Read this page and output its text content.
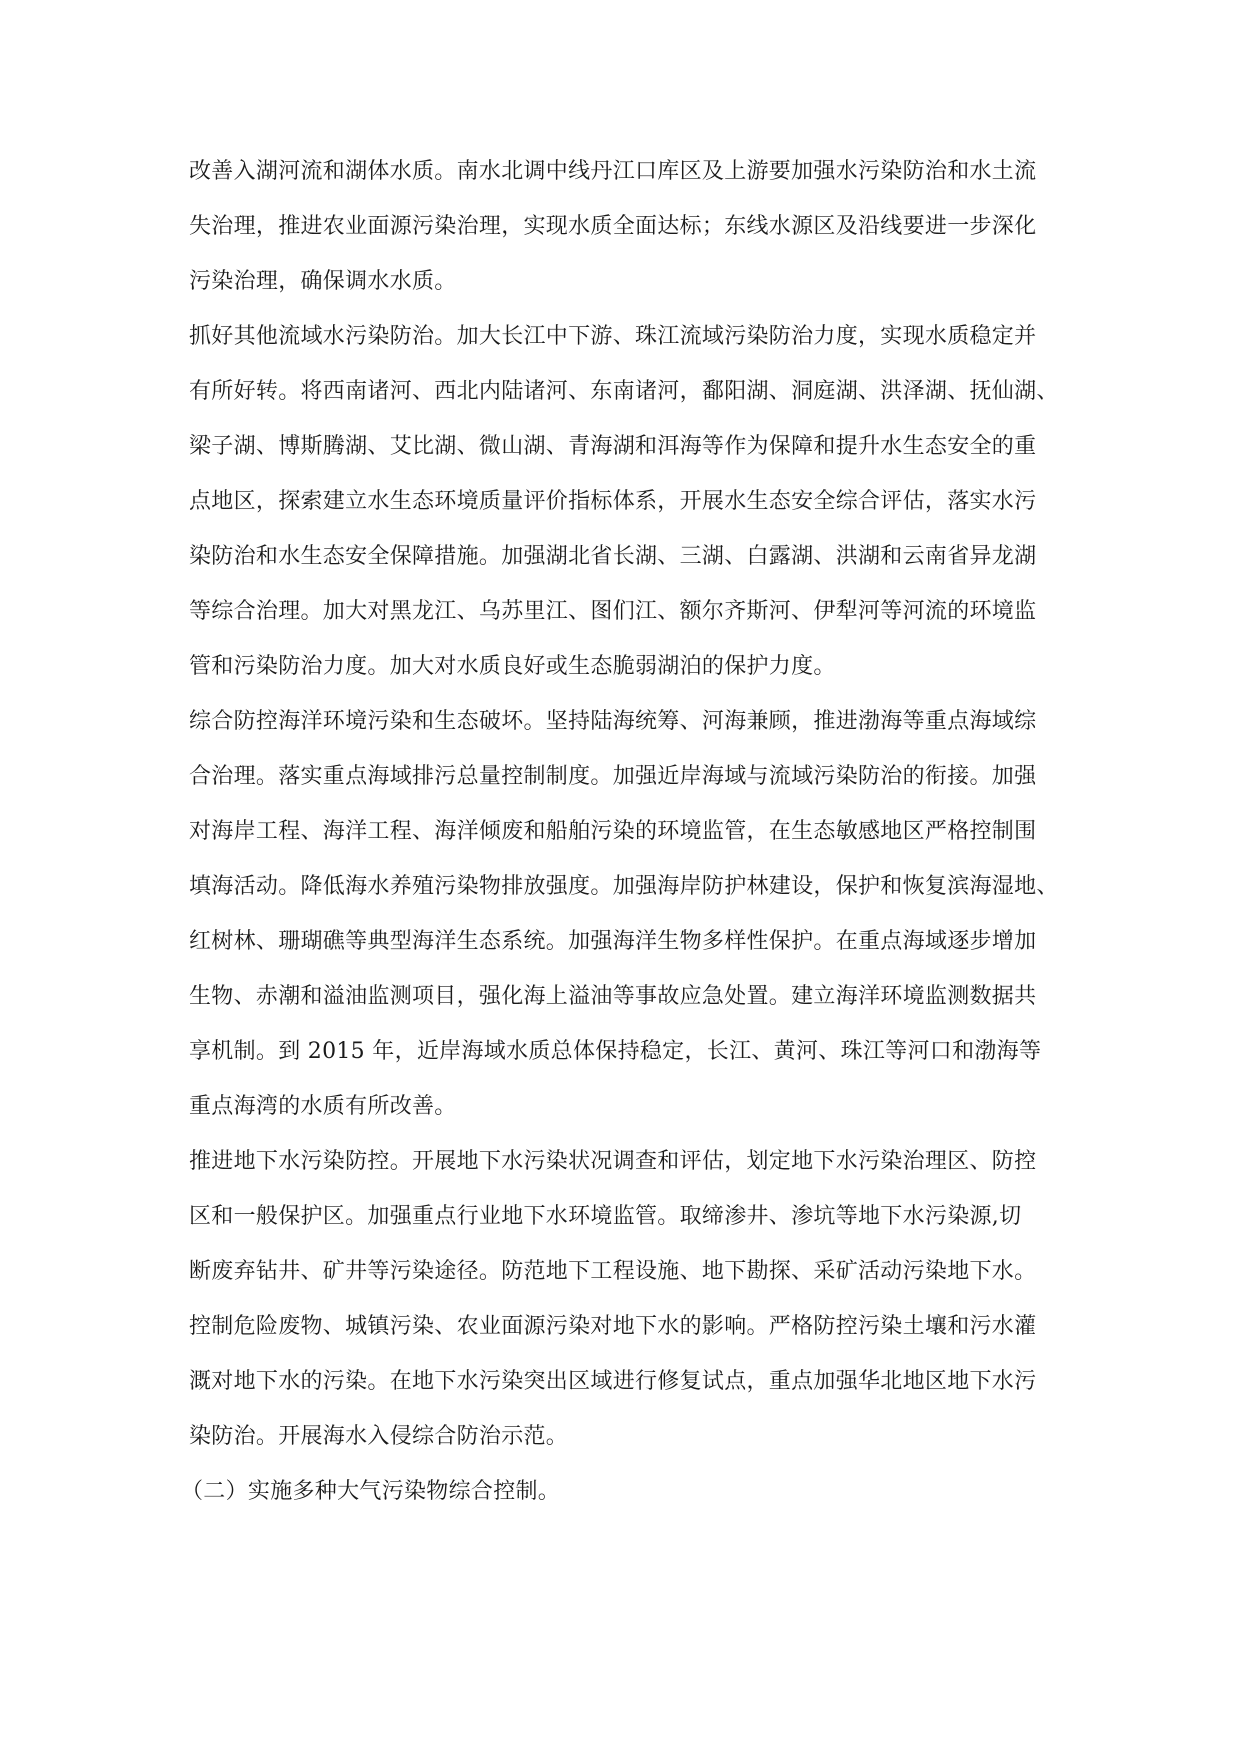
改善入湖河流和湖体水质。南水北调中线丹江口库区及上游要加强水污染防治和水土流
失治理，推进农业面源污染治理，实现水质全面达标；东线水源区及沿线要进一步深化
污染治理，确保调水水质。
抓好其他流域水污染防治。加大长江中下游、珠江流域污染防治力度，实现水质稳定并
有所好转。将西南诸河、西北内陆诸河、东南诸河，鄱阳湖、洞庭湖、洪泽湖、抚仙湖、
梁子湖、博斯腾湖、艾比湖、微山湖、青海湖和洱海等作为保障和提升水生态安全的重
点地区，探索建立水生态环境质量评价指标体系，开展水生态安全综合评估，落实水污
染防治和水生态安全保障措施。加强湖北省长湖、三湖、白露湖、洪湖和云南省异龙湖
等综合治理。加大对黑龙江、乌苏里江、图们江、额尔齐斯河、伊犁河等河流的环境监
管和污染防治力度。加大对水质良好或生态脆弱湖泊的保护力度。
综合防控海洋环境污染和生态破坏。坚持陆海统筹、河海兼顾，推进渤海等重点海域综
合治理。落实重点海域排污总量控制制度。加强近岸海域与流域污染防治的衔接。加强
对海岸工程、海洋工程、海洋倾废和船舶污染的环境监管，在生态敏感地区严格控制围
填海活动。降低海水养殖污染物排放强度。加强海岸防护林建设，保护和恢复滨海湿地、
红树林、珊瑚礁等典型海洋生态系统。加强海洋生物多样性保护。在重点海域逐步增加
生物、赤潮和溢油监测项目，强化海上溢油等事故应急处置。建立海洋环境监测数据共
享机制。到 2015 年，近岸海域水质总体保持稳定，长江、黄河、珠江等河口和渤海等
重点海湾的水质有所改善。
推进地下水污染防控。开展地下水污染状况调查和评估，划定地下水污染治理区、防控
区和一般保护区。加强重点行业地下水环境监管。取缔渗井、渗坑等地下水污染源,切
断废弃钻井、矿井等污染途径。防范地下工程设施、地下勘探、采矿活动污染地下水。
控制危险废物、城镇污染、农业面源污染对地下水的影响。严格防控污染土壤和污水灌
溉对地下水的污染。在地下水污染突出区域进行修复试点，重点加强华北地区地下水污
染防治。开展海水入侵综合防治示范。
（二）实施多种大气污染物综合控制。
